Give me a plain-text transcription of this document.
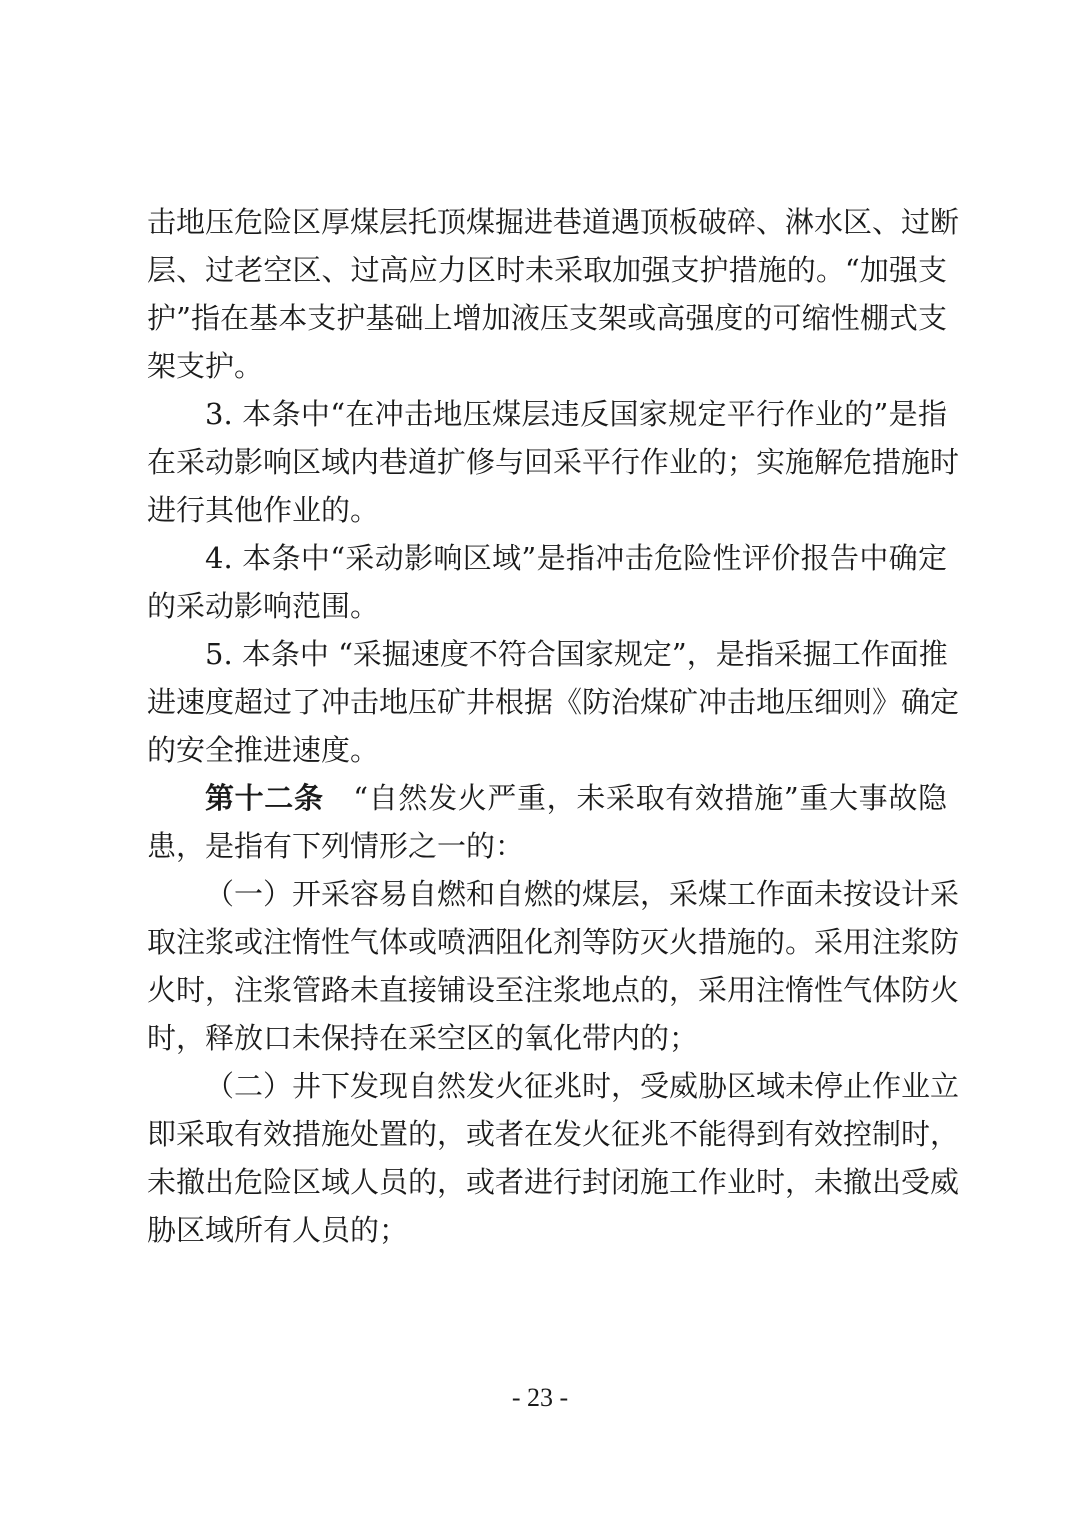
击地压危险区厚煤层托顶煤掘进巷道遇顶板破碎、淋水区、过断
层、过老空区、过高应力区时未采取加强支护措施的。“加强支
护”指在基本支护基础上增加液压支架或高强度的可缩性棚式支
架支护。
3. 本条中“在冲击地压煤层违反国家规定平行作业的”是指
在采动影响区域内巷道扩修与回采平行作业的；实施解危措施时
进行其他作业的。
4. 本条中“采动影响区域”是指冲击危险性评价报告中确定
的采动影响范围。
5. 本条中 “采掘速度不符合国家规定”，是指采掘工作面推
进速度超过了冲击地压矿井根据《防治煤矿冲击地压细则》确定
的安全推进速度。
第十二条　 “自然发火严重，未采取有效措施”重大事故隐
患，是指有下列情形之一的：
（一）开采容易自燃和自燃的煤层，采煤工作面未按设计采
取注浆或注惰性气体或喷洒阻化剂等防灭火措施的。采用注浆防
火时，注浆管路未直接铺设至注浆地点的，采用注惰性气体防火
时，释放口未保持在采空区的氧化带内的；
（二）井下发现自然发火征兆时，受威胁区域未停止作业立
即采取有效措施处置的，或者在发火征兆不能得到有效控制时，
未撤出危险区域人员的，或者进行封闭施工作业时，未撤出受威
胁区域所有人员的；
- 23 -
